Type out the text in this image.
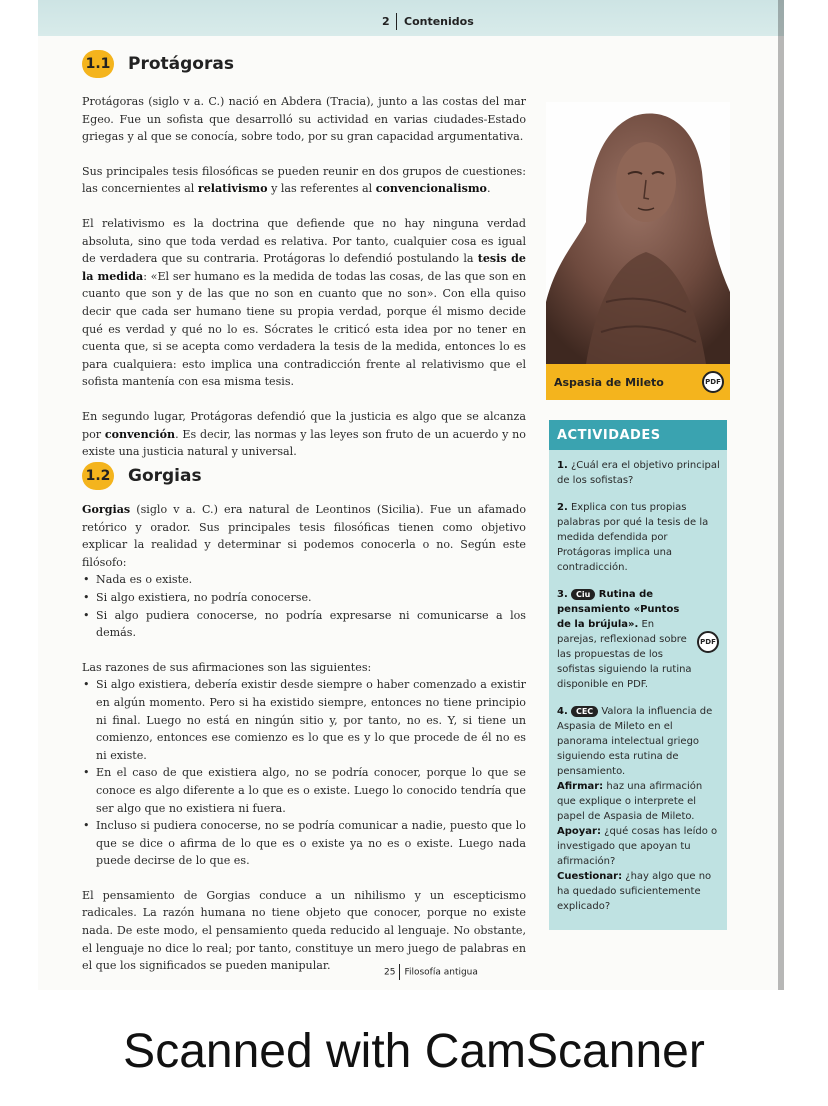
2 Contenidos
1.1 Protágoras

Protágoras (siglo v a. C.) nació en Abdera (Tracia), junto a las costas del mar Egeo. Fue un sofista que desarrolló su actividad en varias ciudades-Estado griegas y al que se conocía, sobre todo, por su gran capacidad argumentativa.

Sus principales tesis filosóficas se pueden reunir en dos grupos de cuestiones: las concernientes al relativismo y las referentes al convencionalismo.

El relativismo es la doctrina que defiende que no hay ninguna verdad absoluta, sino que toda verdad es relativa. Por tanto, cualquier cosa es igual de verdadera que su contraria. Protágoras lo defendió postulando la tesis de la medida: «El ser humano es la medida de todas las cosas, de las que son en cuanto que son y de las que no son en cuanto que no son». Con ella quiso decir que cada ser humano tiene su propia verdad, porque él mismo decide qué es verdad y qué no lo es. Sócrates le criticó esta idea por no tener en cuenta que, si se acepta como verdadera la tesis de la medida, entonces lo es para cualquiera: esto implica una contradicción frente al relativismo que el sofista mantenía con esa misma tesis.

En segundo lugar, Protágoras defendió que la justicia es algo que se alcanza por convención. Es decir, las normas y las leyes son fruto de un acuerdo y no existe una justicia natural y universal.

1.2 Gorgias

Gorgias (siglo v a. C.) era natural de Leontinos (Sicilia). Fue un afamado retórico y orador. Sus principales tesis filosóficas tienen como objetivo explicar la realidad y determinar si podemos conocerla o no. Según este filósofo:

• Nada es o existe.
• Si algo existiera, no podría conocerse.
• Si algo pudiera conocerse, no podría expresarse ni comunicarse a los demás.

Las razones de sus afirmaciones son las siguientes:

• Si algo existiera, debería existir desde siempre o haber comenzado a existir en algún momento. Pero si ha existido siempre, entonces no tiene principio ni final. Luego no está en ningún sitio y, por tanto, no es. Y, si tiene un comienzo, entonces ese comienzo es lo que es y lo que procede de él no es ni existe.
• En el caso de que existiera algo, no se podría conocer, porque lo que se conoce es algo diferente a lo que es o existe. Luego lo conocido tendría que ser algo que no existiera ni fuera.
• Incluso si pudiera conocerse, no se podría comunicar a nadie, puesto que lo que se dice o afirma de lo que es o existe ya no es o existe. Luego nada puede decirse de lo que es.

El pensamiento de Gorgias conduce a un nihilismo y un escepticismo radicales. La razón humana no tiene objeto que conocer, porque no existe nada. De este modo, el pensamiento queda reducido al lenguaje. No obstante, el lenguaje no dice lo real; por tanto, constituye un mero juego de palabras en el que los significados se pueden manipular.

Aspasia de Mileto	PDF
ACTIVIDADES
1. ¿Cuál era el objetivo principal de los sofistas?
2. Explica con tus propias palabras por qué la tesis de la medida defendida por Protágoras implica una contradicción.
PDF
3. Ciu Rutina de pensamiento «Puntos de la brújula». En parejas, reflexionad sobre las propuestas de los sofistas siguiendo la rutina disponible en PDF.
4. CEC Valora la influencia de Aspasia de Mileto en el panorama intelectual griego siguiendo esta rutina de pensamiento.
Afirmar: haz una afirmación que explique o interprete el papel de Aspasia de Mileto.
Apoyar: ¿qué cosas has leído o investigado que apoyan tu afirmación?
Cuestionar: ¿hay algo que no ha quedado suficientemente explicado?
25 Filosofía antigua
Scanned with CamScanner
